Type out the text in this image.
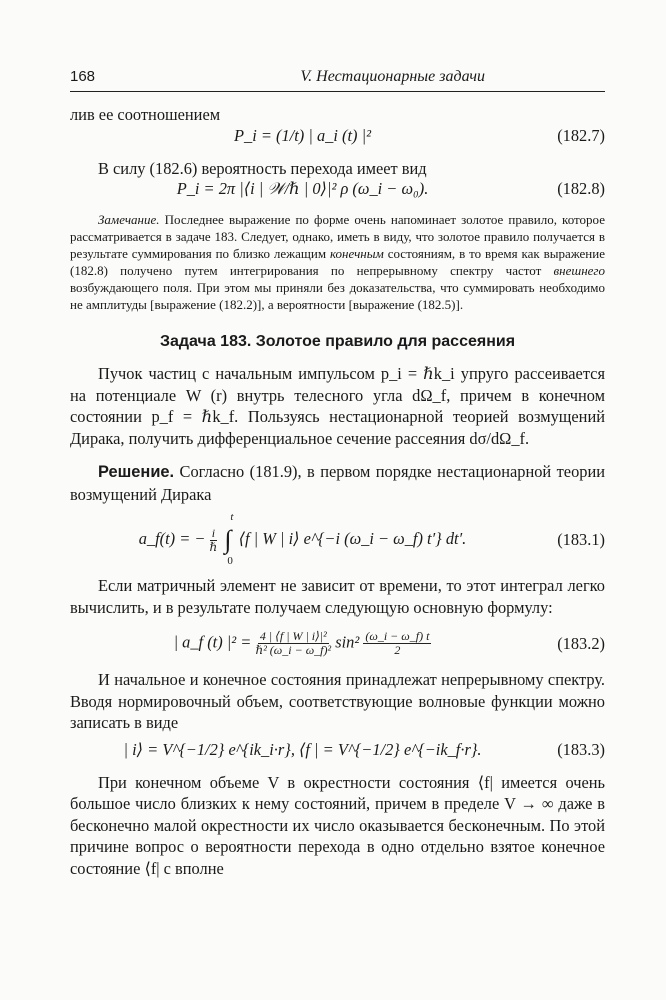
168	V. Нестационарные задачи

лив ее соотношением

P_i = (1/t) | a_i (t) |²	(182.7)

В силу (182.6) вероятность перехода имеет вид

P_i = 2π |⟨i | 𝒲/ℏ | 0⟩|² ρ (ω_i − ω₀).	(182.8)

Замечание. Последнее выражение по форме очень напоминает золотое правило, которое рассматривается в задаче 183. Следует, однако, иметь в виду, что золотое правило получается в результате суммирования по близко лежащим конечным состояниям, в то время как выражение (182.8) получено путем интегрирования по непрерывному спектру частот внешнего возбуждающего поля. При этом мы приняли без доказательства, что суммировать необходимо не амплитуды [выражение (182.2)], а вероятности [выражение (182.5)].

Задача 183. Золотое правило для рассеяния

Пучок частиц с начальным импульсом p_i = ℏk_i упруго рассеивается на потенциале W (r) внутрь телесного угла dΩ_f, причем в конечном состоянии p_f = ℏk_f. Пользуясь нестационарной теорией возмущений Дирака, получить дифференциальное сечение рассеяния dσ/dΩ_f.

Решение. Согласно (181.9), в первом порядке нестационарной теории возмущений Дирака

a_f(t) = − $\frac{i}{\text{ℏ}}$ ∫
t
0
⟨f | W | i⟩ e^{−i (ω_i − ω_f) t′} dt′.	(183.1)

Если матричный элемент не зависит от времени, то этот интеграл легко вычислить, и в результате получаем следующую основную формулу:

| a_f (t) $|^2 = \frac{\text{4 | ⟨f | W | i⟩|²}}{\text{ℏ² (ω\_i − ω\_f)²}} \sin^2 \frac{(\omega\_i - \omega\_f) t}{2}$	(183.2)

И начальное и конечное состояния принадлежат непрерывному спектру. Вводя нормировочный объем, соответствующие волновые функции можно записать в виде

| i⟩ = V^{−1/2} e^{ik_i·r}, ⟨f | = V^{−1/2} e^{−ik_f·r}.	(183.3)

При конечном объеме V в окрестности состояния ⟨f| имеется очень большое число близких к нему состояний, причем в пределе V → ∞ даже в бесконечно малой окрестности их число оказывается бесконечным. По этой причине вопрос о вероятности перехода в одно отдельно взятое конечное состояние ⟨f| с вполне
